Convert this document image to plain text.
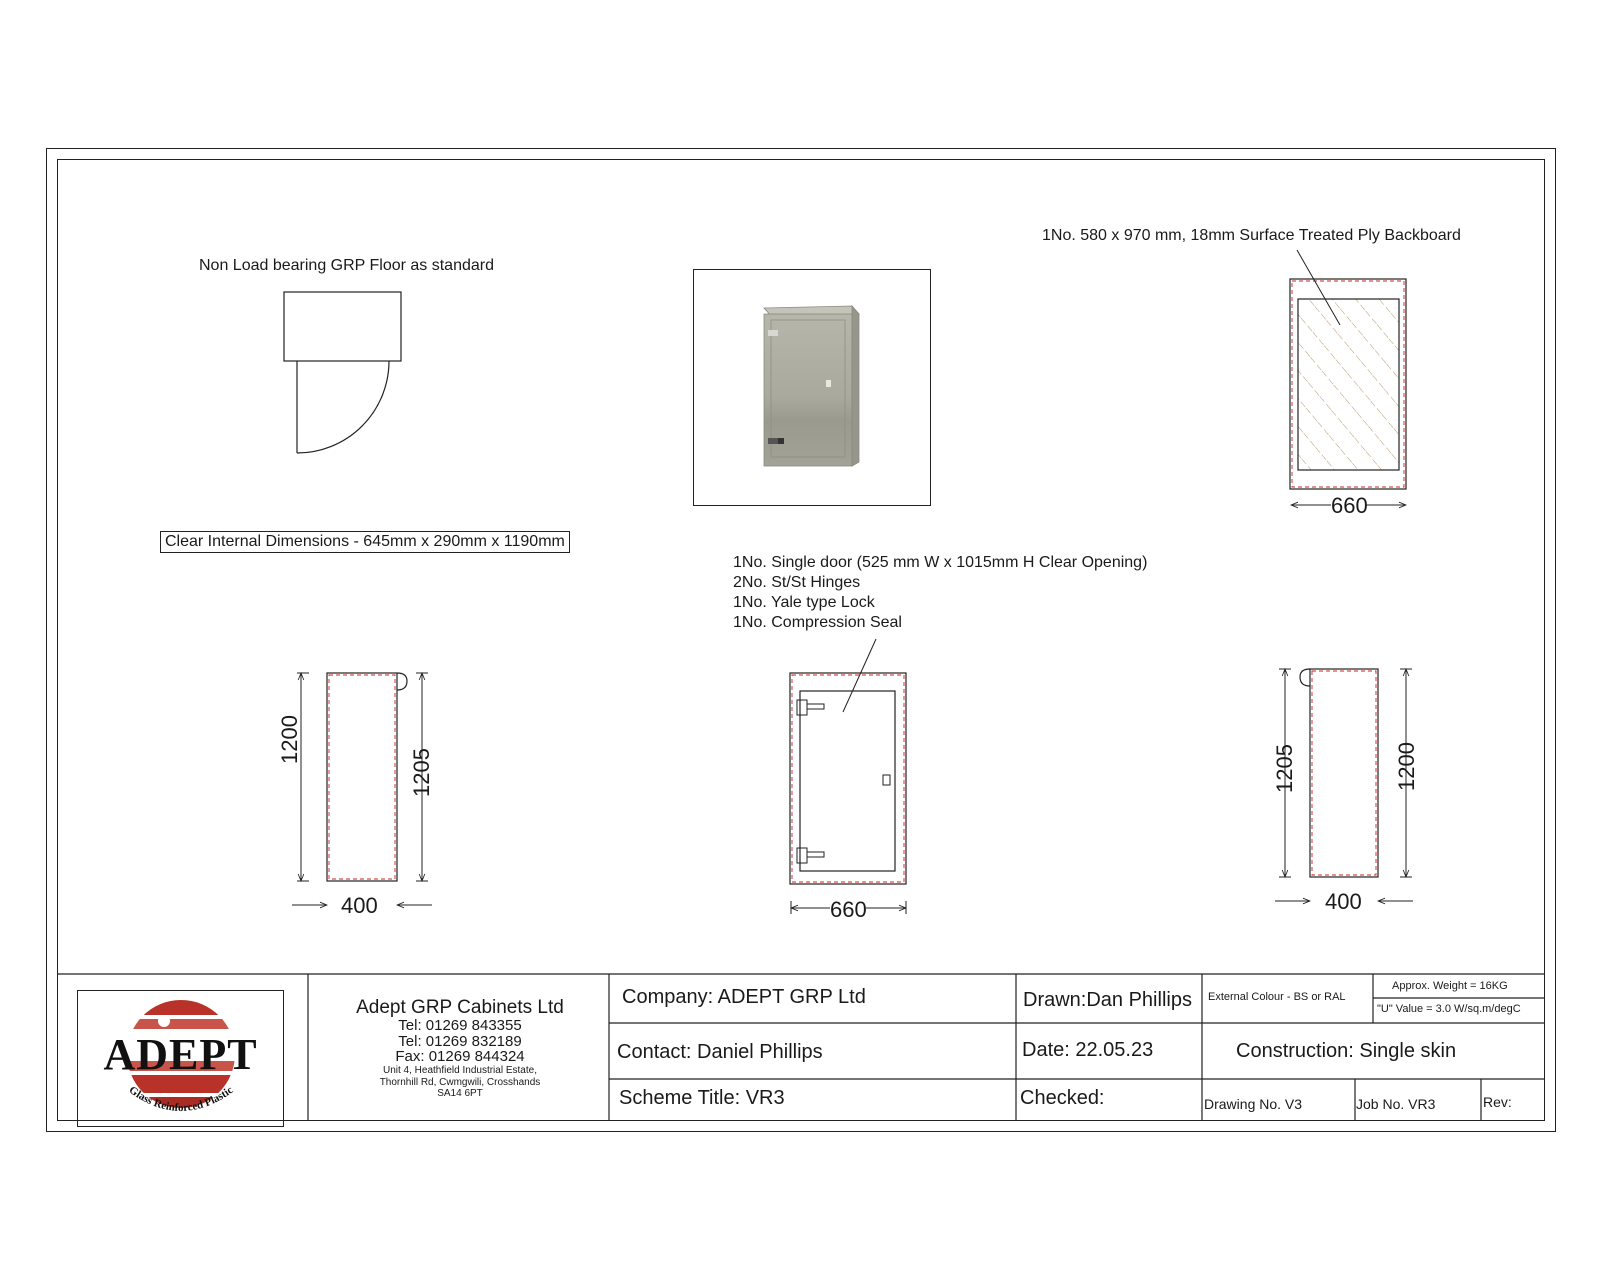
Non Load bearing GRP Floor as standard
1No. 580 x 970 mm, 18mm Surface Treated Ply Backboard
Clear Internal Dimensions - 645mm x 290mm x 1190mm
1No. Single door (525 mm W x 1015mm H Clear Opening)
2No. St/St Hinges
1No. Yale type Lock
1No. Compression Seal
660
1200
1205
400	660
1205	1200
400
Glass Reinforced Plastic
ADEPT
Adept GRP Cabinets Ltd
Tel: 01269 843355
Tel: 01269 832189
Fax: 01269 844324
Unit 4, Heathfield Industrial Estate,
Thornhill Rd, Cwmgwili, Crosshands
SA14 6PT
Company: ADEPT GRP Ltd
Contact: Daniel Phillips
Scheme Title: VR3
Drawn:Dan Phillips
Date: 22.05.23
Checked:
External Colour - BS or RAL
Approx. Weight = 16KG
"U" Value = 3.0 W/sq.m/degC
Construction: Single skin
Drawing No. V3	Job No. VR3	Rev:
